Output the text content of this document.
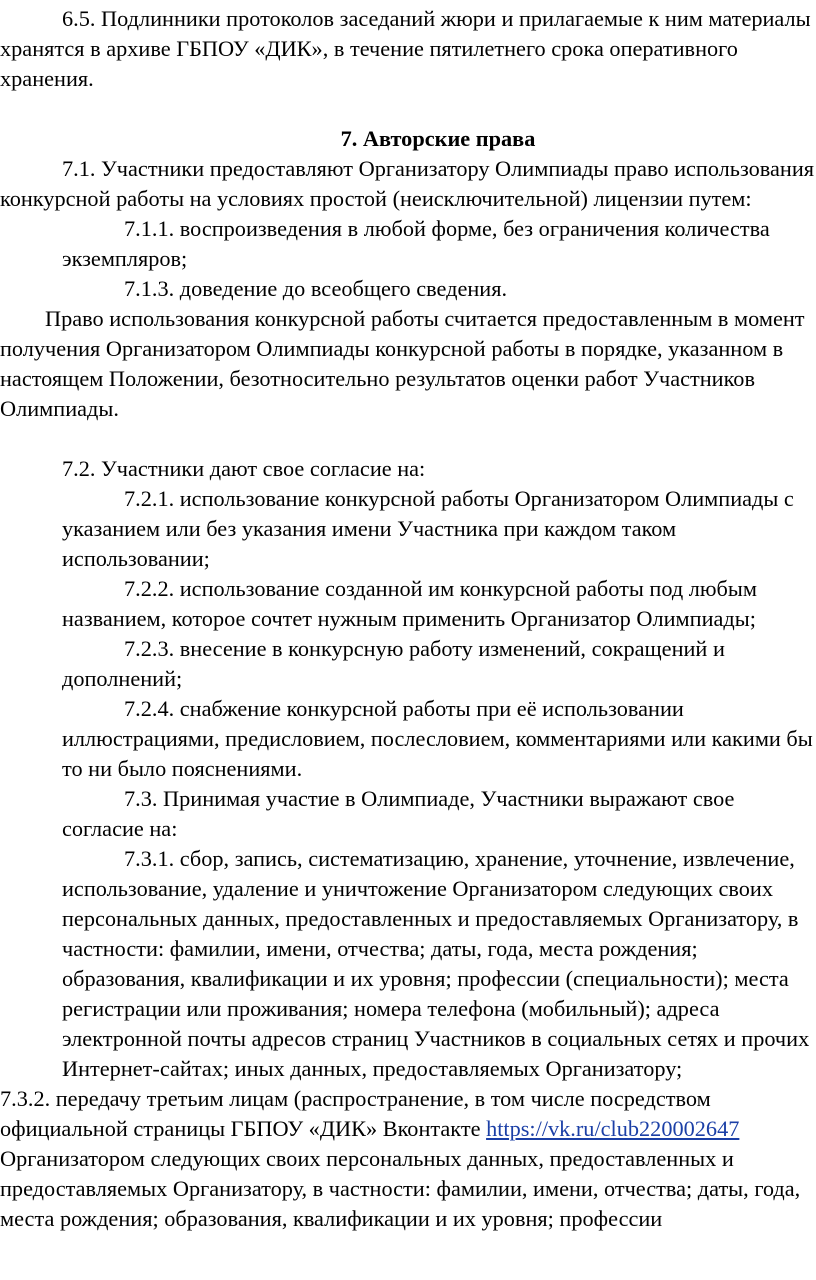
6.5. Подлинники протоколов заседаний жюри и прилагаемые к ним материалы хранятся в архиве ГБПОУ «ДИК», в течение пятилетнего срока оперативного хранения.

7. Авторские права

7.1. Участники предоставляют Организатору Олимпиады право использования конкурсной работы на условиях простой (неисключительной) лицензии путем:

7.1.1. воспроизведения в любой форме, без ограничения количества экземпляров;

7.1.3. доведение до всеобщего сведения.

Право использования конкурсной работы считается предоставленным в момент получения Организатором Олимпиады конкурсной работы в порядке, указанном в настоящем Положении, безотносительно результатов оценки работ Участников Олимпиады.

7.2. Участники дают свое согласие на:

7.2.1. использование конкурсной работы Организатором Олимпиады с указанием или без указания имени Участника при каждом таком использовании;

7.2.2. использование созданной им конкурсной работы под любым названием, которое сочтет нужным применить Организатор Олимпиады;

7.2.3. внесение в конкурсную работу изменений, сокращений и дополнений;

7.2.4. снабжение конкурсной работы при её использовании иллюстрациями, предисловием, послесловием, комментариями или какими бы то ни было пояснениями.

7.3. Принимая участие в Олимпиаде, Участники выражают свое согласие на:

7.3.1. сбор, запись, систематизацию, хранение, уточнение, извлечение, использование, удаление и уничтожение Организатором следующих своих персональных данных, предоставленных и предоставляемых Организатору, в частности: фамилии, имени, отчества; даты, года, места рождения; образования, квалификации и их уровня; профессии (специальности); места регистрации или проживания; номера телефона (мобильный); адреса электронной почты адресов страниц Участников в социальных сетях и прочих Интернет-сайтах; иных данных, предоставляемых Организатору;

7.3.2. передачу третьим лицам (распространение, в том числе посредством официальной страницы ГБПОУ «ДИК» Вконтакте https://vk.ru/club220002647 Организатором следующих своих персональных данных, предоставленных и предоставляемых Организатору, в частности: фамилии, имени, отчества; даты, года, места рождения; образования, квалификации и их уровня; профессии
